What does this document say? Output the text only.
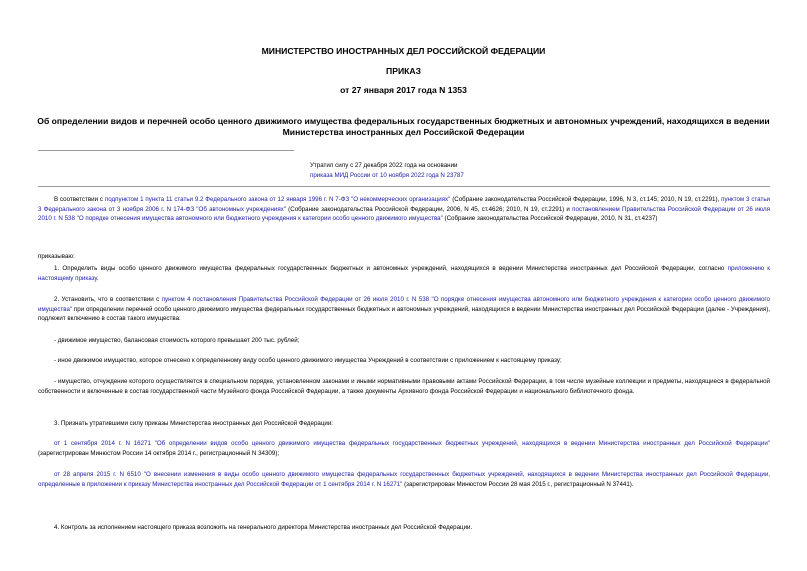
МИНИСТЕРСТВО ИНОСТРАННЫХ ДЕЛ РОССИЙСКОЙ ФЕДЕРАЦИИ
ПРИКАЗ
от 27 января 2017 года N 1353
Об определении видов и перечней особо ценного движимого имущества федеральных государственных бюджетных и автономных учреждений, находящихся в ведении Министерства иностранных дел Российской Федерации
Утратил силу с 27 декабря 2022 года на основании
приказа МИД России от 10 ноября 2022 года N 23787
В соответствии с подпунктом 1 пункта 11 статьи 9.2 Федерального закона от 12 января 1996 г. N 7-ФЗ "О некоммерческих организациях" (Собрание законодательства Российской Федерации, 1996, N 3, ст.145; 2010, N 19, ст.2291), пунктом 3 статьи 3 Федерального закона от 3 ноября 2006 г. N 174-ФЗ "Об автономных учреждениях" (Собрание законодательства Российской Федерации, 2006, N 45, ст.4626; 2010, N 19, ст.2291) и постановлением Правительства Российской Федерации от 26 июля 2010 г. N 538 "О порядке отнесения имущества автономного или бюджетного учреждения к категории особо ценного движимого имущества" (Собрание законодательства Российской Федерации, 2010, N 31, ст.4237)
приказываю:
1. Определить виды особо ценного движимого имущества федеральных государственных бюджетных и автономных учреждений, находящихся в ведении Министерства иностранных дел Российской Федерации, согласно приложению к настоящему приказу.
2. Установить, что в соответствии с пунктом 4 постановления Правительства Российской Федерации от 26 июля 2010 г. N 538 "О порядке отнесения имущества автономного или бюджетного учреждения к категории особо ценного движимого имущества" при определении перечней особо ценного движимого имущества федеральных государственных бюджетных и автономных учреждений, находящихся в ведении Министерства иностранных дел Российской Федерации (далее - Учреждения), подлежит включению в состав такого имущества:
- движимое имущество, балансовая стоимость которого превышает 200 тыс. рублей;
- иное движимое имущество, которое отнесено к определенному виду особо ценного движимого имущества Учреждений в соответствии с приложением к настоящему приказу;
- имущество, отчуждение которого осуществляется в специальном порядке, установленном законами и иными нормативными правовыми актами Российской Федерации, в том числе музейные коллекции и предметы, находящиеся в федеральной собственности и включенные в состав государственной части Музейного фонда Российской Федерации, а также документы Архивного фонда Российской Федерации и национального библиотечного фонда.
3. Признать утратившими силу приказы Министерства иностранных дел Российской Федерации:
от 1 сентября 2014 г. N 16271 "Об определении видов особо ценного движимого имущества федеральных государственных бюджетных учреждений, находящихся в ведении Министерства иностранных дел Российской Федерации" (зарегистрирован Минюстом России 14 октября 2014 г., регистрационный N 34309);
от 28 апреля 2015 г. N 6510 "О внесении изменения в виды особо ценного движимого имущества федеральных государственных бюджетных учреждений, находящихся в ведении Министерства иностранных дел Российской Федерации, определенные в приложении к приказу Министерства иностранных дел Российской Федерации от 1 сентября 2014 г. N 16271" (зарегистрирован Минюстом России 28 мая 2015 г., регистрационный N 37441).
4. Контроль за исполнением настоящего приказа возложить на генерального директора Министерства иностранных дел Российской Федерации.
